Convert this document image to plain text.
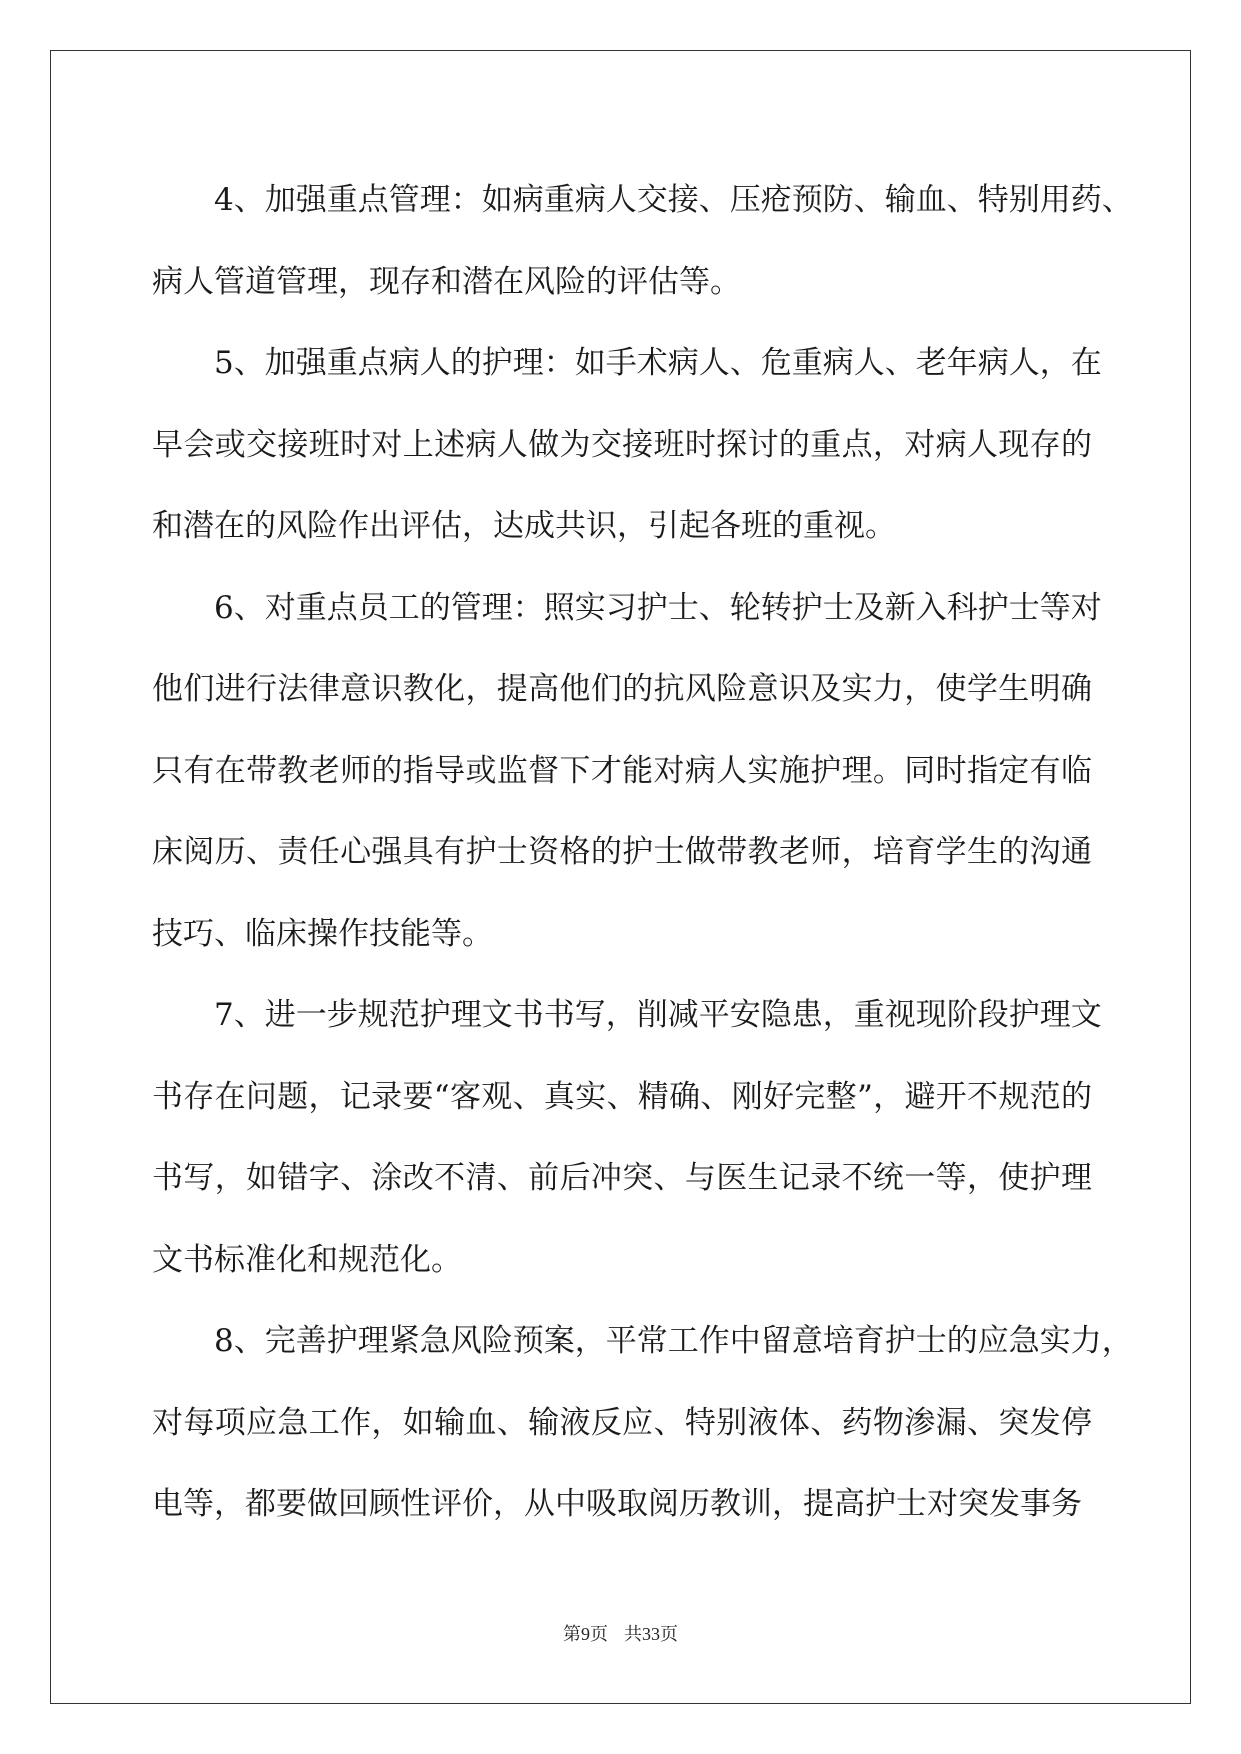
4、加强重点管理：如病重病人交接、压疮预防、输血、特别用药、
病人管道管理，现存和潜在风险的评估等。
5、加强重点病人的护理：如手术病人、危重病人、老年病人，在
早会或交接班时对上述病人做为交接班时探讨的重点，对病人现存的
和潜在的风险作出评估，达成共识，引起各班的重视。
6、对重点员工的管理：照实习护士、轮转护士及新入科护士等对
他们进行法律意识教化，提高他们的抗风险意识及实力，使学生明确
只有在带教老师的指导或监督下才能对病人实施护理。同时指定有临
床阅历、责任心强具有护士资格的护士做带教老师，培育学生的沟通
技巧、临床操作技能等。
7、进一步规范护理文书书写，削减平安隐患，重视现阶段护理文
书存在问题，记录要“客观、真实、精确、刚好完整”，避开不规范的
书写，如错字、涂改不清、前后冲突、与医生记录不统一等，使护理
文书标准化和规范化。
8、完善护理紧急风险预案，平常工作中留意培育护士的应急实力，
对每项应急工作，如输血、输液反应、特别液体、药物渗漏、突发停
电等，都要做回顾性评价，从中吸取阅历教训，提高护士对突发事务
第9页 共33页
